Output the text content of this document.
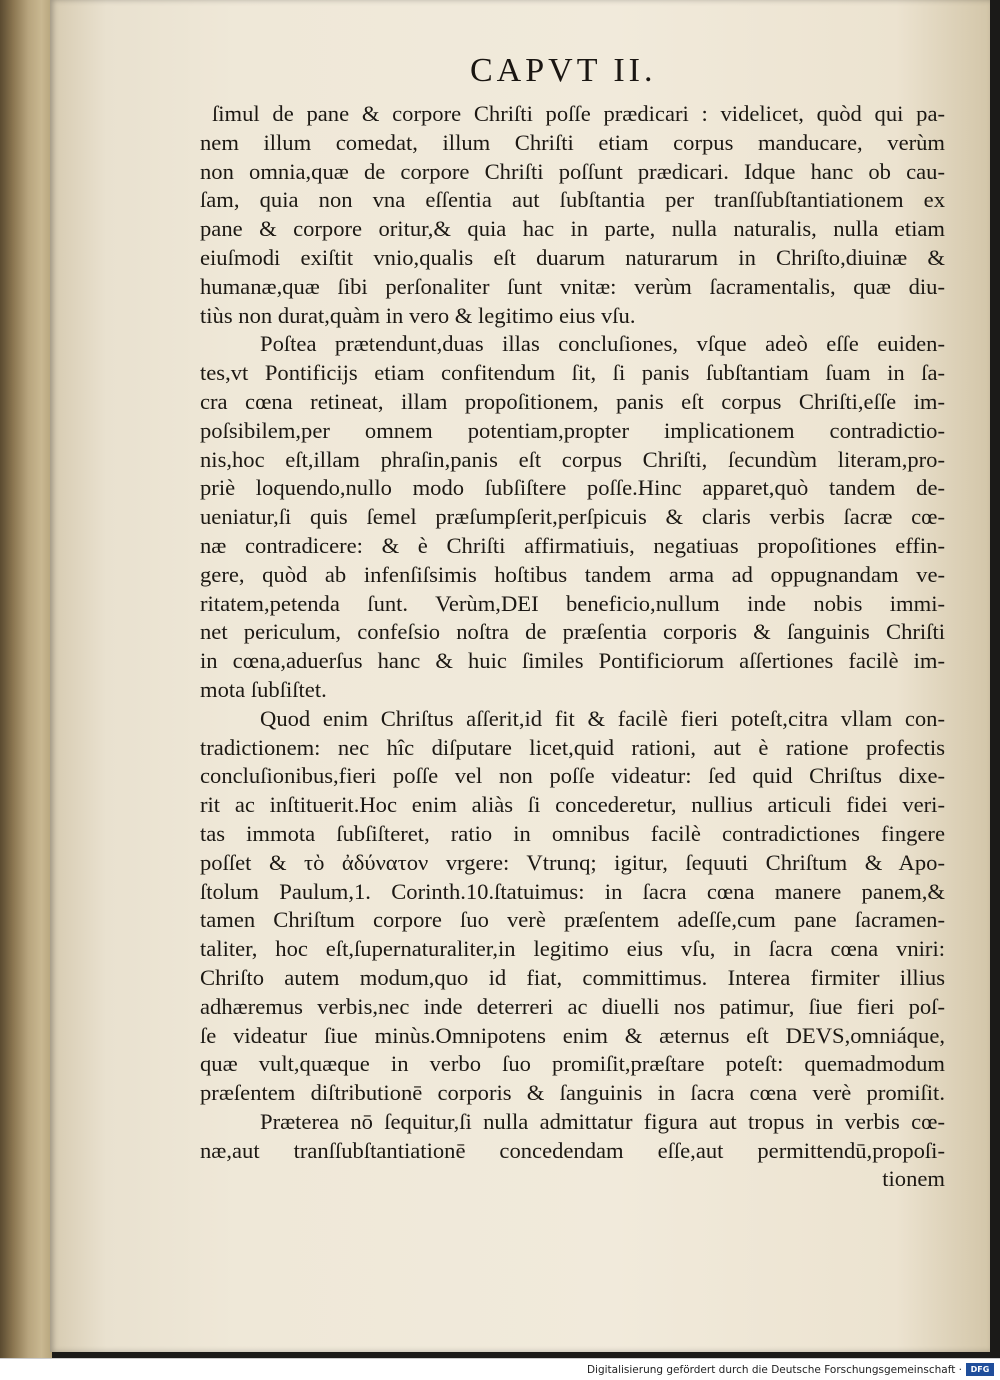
CAPVT II.
ſimul de pane & corpore Chriſti poſſe prædicari : videlicet, quòd qui pa-
nem illum comedat, illum Chriſti etiam corpus manducare, verùm
non omnia,quæ de corpore Chriſti poſſunt prædicari. Idque hanc ob cau-
ſam, quia non vna eſſentia aut ſubſtantia per tranſſubſtantiationem ex
pane & corpore oritur,& quia hac in parte, nulla naturalis, nulla etiam
eiuſmodi exiſtit vnio,qualis eſt duarum naturarum in Chriſto,diuinæ &
humanæ,quæ ſibi perſonaliter ſunt vnitæ: verùm ſacramentalis, quæ diu-
tiùs non durat,quàm in vero & legitimo eius vſu.
Poſtea prætendunt,duas illas concluſiones, vſque adeò eſſe euiden-
tes,vt Pontificijs etiam confitendum ſit, ſi panis ſubſtantiam ſuam in ſa-
cra cœna retineat, illam propoſitionem, panis eſt corpus Chriſti,eſſe im-
poſsibilem,per omnem potentiam,propter implicationem contradictio-
nis,hoc eſt,illam phraſin,panis eſt corpus Chriſti, ſecundùm literam,pro-
priè loquendo,nullo modo ſubſiſtere poſſe.Hinc apparet,quò tandem de-
ueniatur,ſi quis ſemel præſumpſerit,perſpicuis & claris verbis ſacræ cœ-
næ contradicere: & è Chriſti affirmatiuis, negatiuas propoſitiones effin-
gere, quòd ab infenſiſsimis hoſtibus tandem arma ad oppugnandam ve-
ritatem,petenda ſunt. Verùm,DEI beneficio,nullum inde nobis immi-
net periculum, confeſsio noſtra de præſentia corporis & ſanguinis Chriſti
in cœna,aduerſus hanc & huic ſimiles Pontificiorum aſſertiones facilè im-
mota ſubſiſtet.
Quod enim Chriſtus aſſerit,id fit & facilè fieri poteſt,citra vllam con-
tradictionem: nec hîc diſputare licet,quid rationi, aut è ratione profectis
concluſionibus,fieri poſſe vel non poſſe videatur: ſed quid Chriſtus dixe-
rit ac inſtituerit.Hoc enim aliàs ſi concederetur, nullius articuli fidei veri-
tas immota ſubſiſteret, ratio in omnibus facilè contradictiones fingere
poſſet & τὸ ἀδύνατον vrgere: Vtrunq; igitur, ſequuti Chriſtum & Apo-
ſtolum Paulum,1. Corinth.10.ſtatuimus: in ſacra cœna manere panem,&
tamen Chriſtum corpore ſuo verè præſentem adeſſe,cum pane ſacramen-
taliter, hoc eſt,ſupernaturaliter,in legitimo eius vſu, in ſacra cœna vniri:
Chriſto autem modum,quo id fiat, committimus. Interea firmiter illius
adhæremus verbis,nec inde deterreri ac diuelli nos patimur, ſiue fieri poſ-
ſe videatur ſiue minùs.Omnipotens enim & æternus eſt DEVS,omniáque,
quæ vult,quæque in verbo ſuo promiſit,præſtare poteſt: quemadmodum
præſentem diſtributionē corporis & ſanguinis in ſacra cœna verè promiſit.
Præterea nō ſequitur,ſi nulla admittatur figura aut tropus in verbis cœ-
næ,aut tranſſubſtantiationē concedendam eſſe,aut permittendū,propoſi-
tionem
Digitalisierung gefördert durch die Deutsche Forschungsgemeinschaft ·	DFG
